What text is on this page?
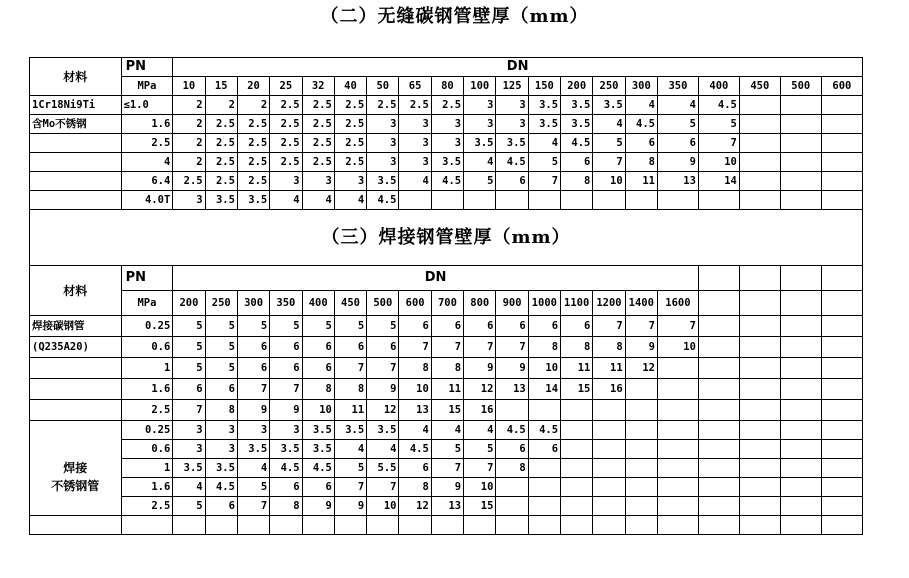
（二）无缝碳钢管壁厚（mm）
材料	PN	DN																			
	MPa	10	15	20	25	32	40	50	65	80	100	125	150	200	250	300	350	400	450	500	600
1Cr18Ni9Ti	≤1.0	2	2	2	2.5	2.5	2.5	2.5	2.5	2.5	3	3	3.5	3.5	3.5	4	4	4.5			
含Mo不锈钢	1.6	2	2.5	2.5	2.5	2.5	2.5	3	3	3	3	3	3.5	3.5	4	4.5	5	5			
	2.5	2	2.5	2.5	2.5	2.5	2.5	3	3	3	3.5	3.5	4	4.5	5	6	6	7			
	4	2	2.5	2.5	2.5	2.5	2.5	3	3	3.5	4	4.5	5	6	7	8	9	10			
	6.4	2.5	2.5	2.5	3	3	3	3.5	4	4.5	5	6	7	8	10	11	13	14			
	4.0T	3	3.5	3.5	4	4	4	4.5													
（三）焊接钢管壁厚（mm）																					
材料	PN	DN																			
	MPa	200	250	300	350	400	450	500	600	700	800	900	1000	1100	1200	1400	1600				
焊接碳钢管	0.25	5	5	5	5	5	5	5	6	6	6	6	6	6	7	7	7				
(Q235A20)	0.6	5	5	6	6	6	6	6	7	7	7	7	8	8	8	9	10				
	1	5	5	6	6	6	7	7	8	8	9	9	10	11	11	12					
	1.6	6	6	7	7	8	8	9	10	11	12	13	14	15	16						
	2.5	7	8	9	9	10	11	12	13	15	16										

焊接
不锈钢管	0.25	3	3	3	3	3.5	3.5	3.5	4	4	4	4.5	4.5								
	0.6	3	3	3.5	3.5	3.5	4	4	4.5	5	5	6	6								
	1	3.5	3.5	4	4.5	4.5	5	5.5	6	7	7	8									
	1.6	4	4.5	5	6	6	7	7	8	9	10										
	2.5	5	6	7	8	9	9	10	12	13	15										
